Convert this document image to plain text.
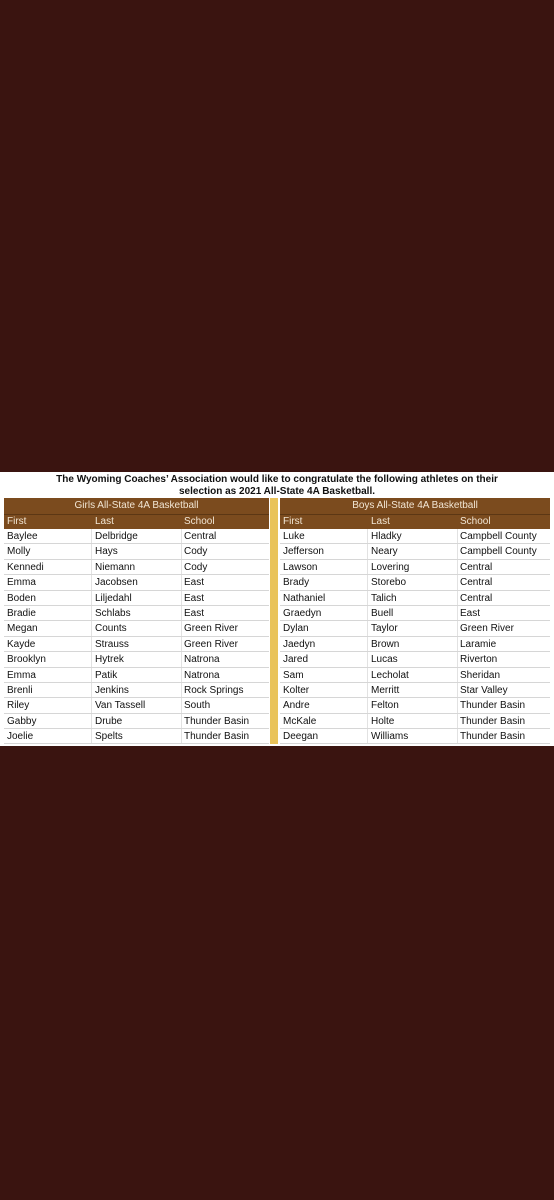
The Wyoming Coaches’ Association would like to congratulate the following athletes on their
selection as 2021 All-State 4A Basketball.
Girls All-State 4A Basketball
First	Last	School
Baylee	Delbridge	Central
Molly	Hays	Cody
Kennedi	Niemann	Cody
Emma	Jacobsen	East
Boden	Liljedahl	East
Bradie	Schlabs	East
Megan	Counts	Green River
Kayde	Strauss	Green River
Brooklyn	Hytrek	Natrona
Emma	Patik	Natrona
Brenli	Jenkins	Rock Springs
Riley	Van Tassell	South
Gabby	Drube	Thunder Basin
Joelie	Spelts	Thunder Basin
Boys All-State 4A Basketball
First	Last	School
Luke	Hladky	Campbell County
Jefferson	Neary	Campbell County
Lawson	Lovering	Central
Brady	Storebo	Central
Nathaniel	Talich	Central
Graedyn	Buell	East
Dylan	Taylor	Green River
Jaedyn	Brown	Laramie
Jared	Lucas	Riverton
Sam	Lecholat	Sheridan
Kolter	Merritt	Star Valley
Andre	Felton	Thunder Basin
McKale	Holte	Thunder Basin
Deegan	Williams	Thunder Basin
